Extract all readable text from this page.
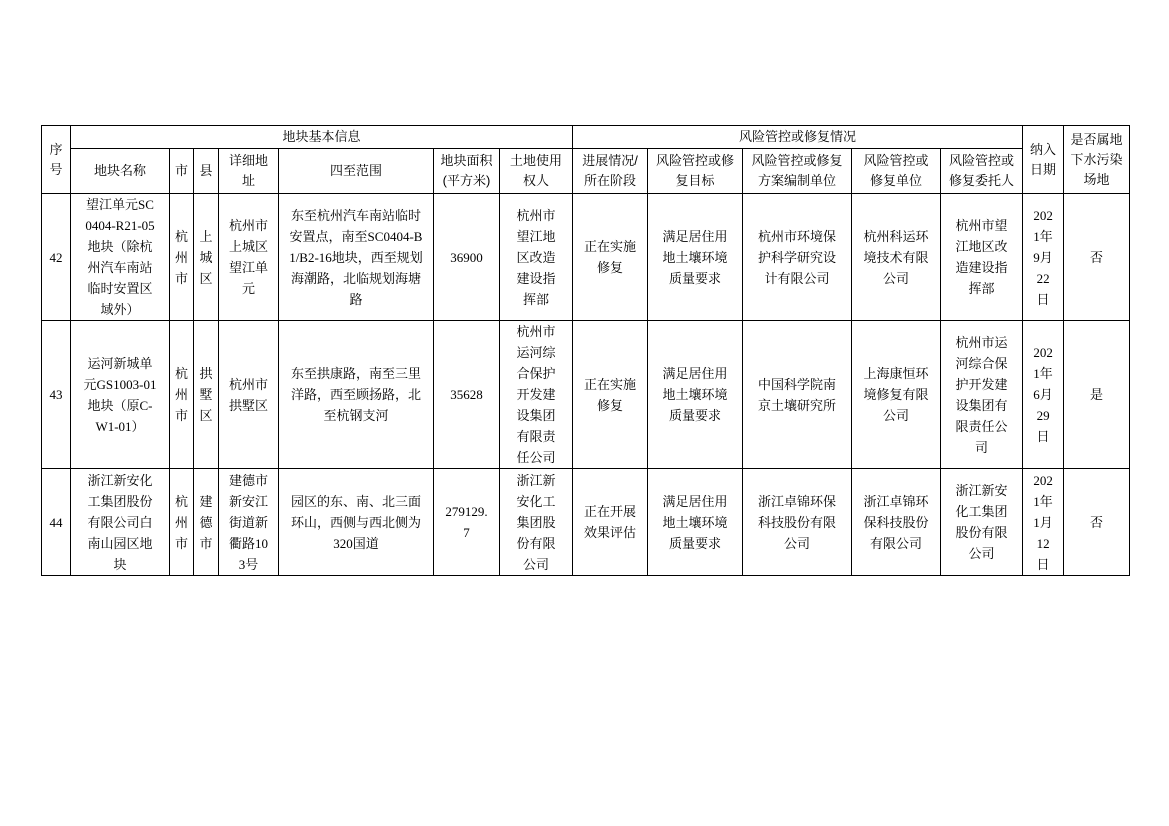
序号	地块基本信息							风险管控或修复情况					纳入日期	是否属地下水污染场地
	地块名称	市	县	详细地址	四至范围	地块面积(平方米)	土地使用权人	进展情况/所在阶段	风险管控或修复目标	风险管控或修复方案编制单位	风险管控或修复单位	风险管控或修复委托人		
42	望江单元SC0404-R21-05地块（除杭州汽车南站临时安置区域外）	杭州市	上城区	杭州市上城区望江单元	东至杭州汽车南站临时安置点，南至SC0404-B1/B2-16地块，西至规划海潮路，北临规划海塘路	36900	杭州市望江地区改造建设指挥部	正在实施修复	满足居住用地土壤环境质量要求	杭州市环境保护科学研究设计有限公司	杭州科运环境技术有限公司	杭州市望江地区改造建设指挥部	2021年9月22日	否
43	运河新城单元GS1003-01地块（原C-W1-01）	杭州市	拱墅区	杭州市拱墅区	东至拱康路，南至三里洋路，西至顾扬路，北至杭钢支河	35628	杭州市运河综合保护开发建设集团有限责任公司	正在实施修复	满足居住用地土壤环境质量要求	中国科学院南京土壤研究所	上海康恒环境修复有限公司	杭州市运河综合保护开发建设集团有限责任公司	2021年6月29日	是
44	浙江新安化工集团股份有限公司白南山园区地块	杭州市	建德市	建德市新安江街道新衢路103号	园区的东、南、北三面环山，西侧与西北侧为320国道	279129.7	浙江新安化工集团股份有限公司	正在开展效果评估	满足居住用地土壤环境质量要求	浙江卓锦环保科技股份有限公司	浙江卓锦环保科技股份有限公司	浙江新安化工集团股份有限公司	2021年1月12日	否
